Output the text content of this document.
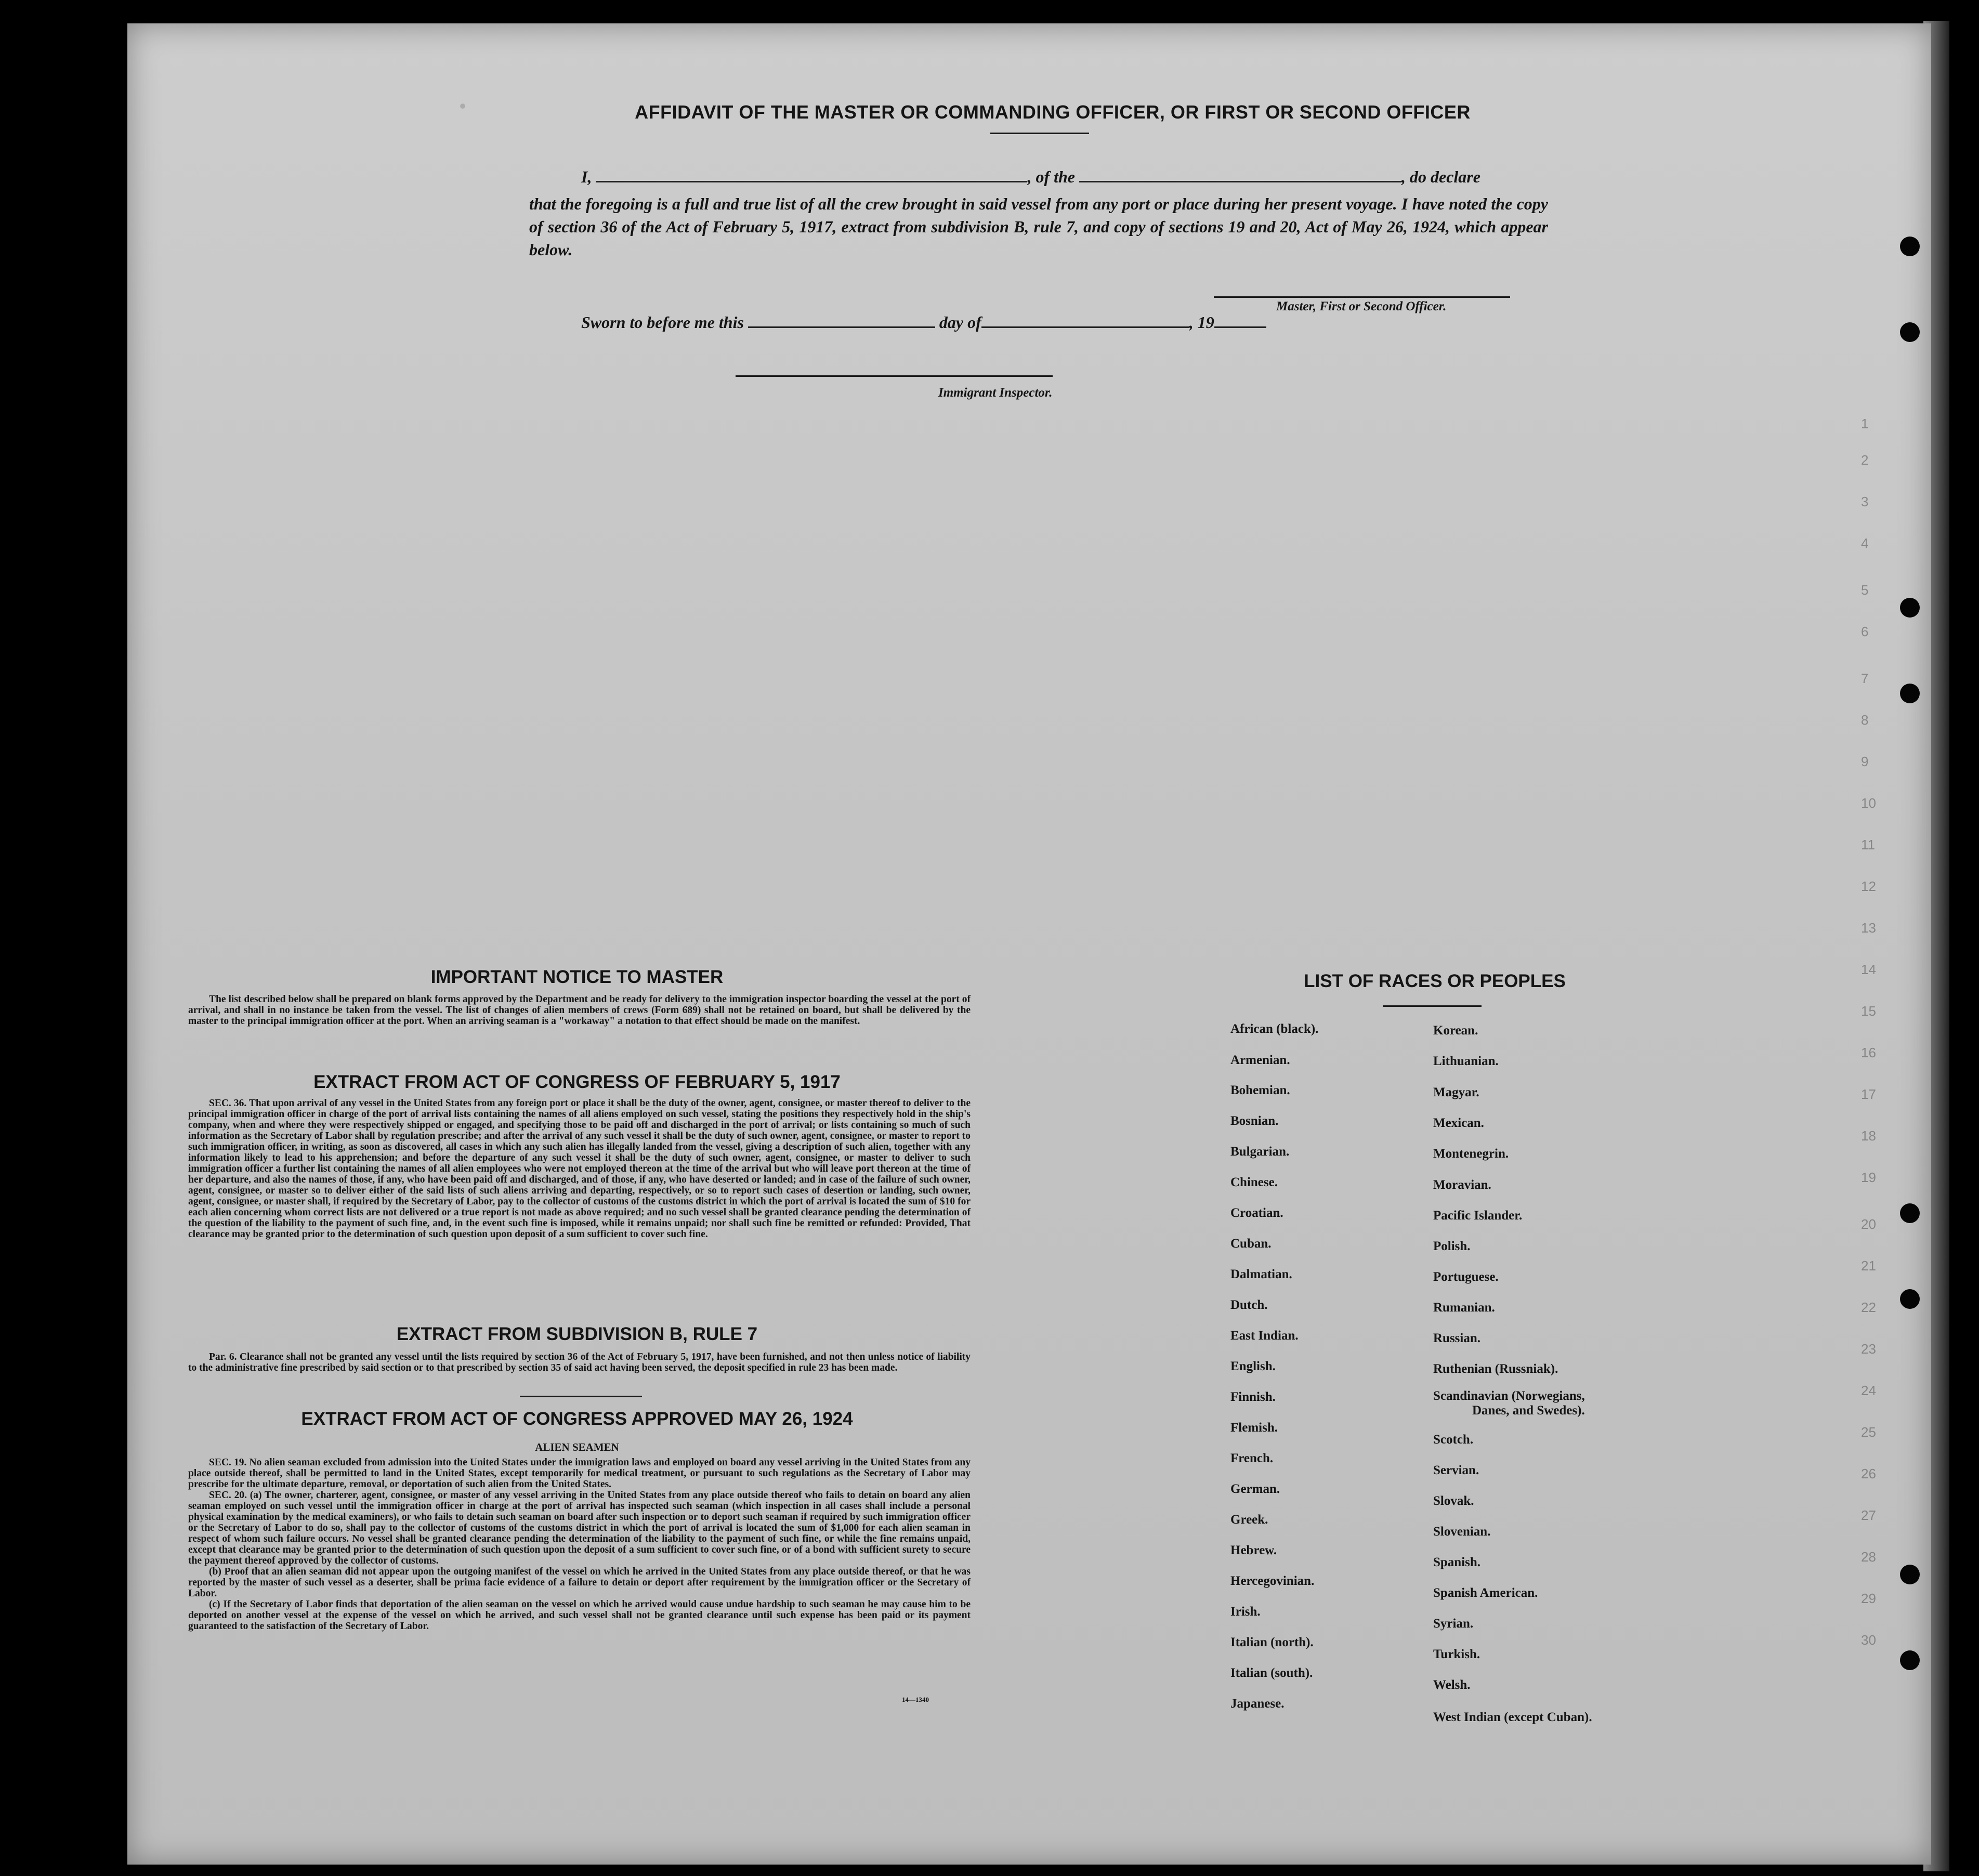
·
1
2
3
4
5
6
7
8
9
10
11
12
13
14
15
16
17
18
19
20
21
22
23
24
25
26
27
28
29
30
AFFIDAVIT OF THE MASTER OR COMMANDING OFFICER, OR FIRST OR SECOND OFFICER
I,	, of the	, do declare
that the foregoing is a full and true list of all the crew brought in said vessel from any port or place during her present voyage. I have noted the copy of section 36 of the Act of February 5, 1917, extract from subdivision B, rule 7, and copy of sections 19 and 20, Act of May 26, 1924, which appear below.
Master, First or Second Officer.
Sworn to before me this	day of	, 19
Immigrant Inspector.
IMPORTANT NOTICE TO MASTER

The list described below shall be prepared on blank forms approved by the Department and be ready for delivery to the immigration inspector boarding the vessel at the port of arrival, and shall in no instance be taken from the vessel. The list of changes of alien members of crews (Form 689) shall not be retained on board, but shall be delivered by the master to the principal immigration officer at the port. When an arriving seaman is a "workaway" a notation to that effect should be made on the manifest.

EXTRACT FROM ACT OF CONGRESS OF FEBRUARY 5, 1917

SEC. 36. That upon arrival of any vessel in the United States from any foreign port or place it shall be the duty of the owner, agent, consignee, or master thereof to deliver to the principal immigration officer in charge of the port of arrival lists containing the names of all aliens employed on such vessel, stating the positions they respectively hold in the ship's company, when and where they were respectively shipped or engaged, and specifying those to be paid off and discharged in the port of arrival; or lists containing so much of such information as the Secretary of Labor shall by regulation prescribe; and after the arrival of any such vessel it shall be the duty of such owner, agent, consignee, or master to report to such immigration officer, in writing, as soon as discovered, all cases in which any such alien has illegally landed from the vessel, giving a description of such alien, together with any information likely to lead to his apprehension; and before the departure of any such vessel it shall be the duty of such owner, agent, consignee, or master to deliver to such immigration officer a further list containing the names of all alien employees who were not employed thereon at the time of the arrival but who will leave port thereon at the time of her departure, and also the names of those, if any, who have been paid off and discharged, and of those, if any, who have deserted or landed; and in case of the failure of such owner, agent, consignee, or master so to deliver either of the said lists of such aliens arriving and departing, respectively, or so to report such cases of desertion or landing, such owner, agent, consignee, or master shall, if required by the Secretary of Labor, pay to the collector of customs of the customs district in which the port of arrival is located the sum of $10 for each alien concerning whom correct lists are not delivered or a true report is not made as above required; and no such vessel shall be granted clearance pending the determination of the question of the liability to the payment of such fine, and, in the event such fine is imposed, while it remains unpaid; nor shall such fine be remitted or refunded: Provided, That clearance may be granted prior to the determination of such question upon deposit of a sum sufficient to cover such fine.

EXTRACT FROM SUBDIVISION B, RULE 7

Par. 6. Clearance shall not be granted any vessel until the lists required by section 36 of the Act of February 5, 1917, have been furnished, and not then unless notice of liability to the administrative fine prescribed by said section or to that prescribed by section 35 of said act having been served, the deposit specified in rule 23 has been made.

EXTRACT FROM ACT OF CONGRESS APPROVED MAY 26, 1924
ALIEN SEAMEN

SEC. 19. No alien seaman excluded from admission into the United States under the immigration laws and employed on board any vessel arriving in the United States from any place outside thereof, shall be permitted to land in the United States, except temporarily for medical treatment, or pursuant to such regulations as the Secretary of Labor may prescribe for the ultimate departure, removal, or deportation of such alien from the United States.

SEC. 20. (a) The owner, charterer, agent, consignee, or master of any vessel arriving in the United States from any place outside thereof who fails to detain on board any alien seaman employed on such vessel until the immigration officer in charge at the port of arrival has inspected such seaman (which inspection in all cases shall include a personal physical examination by the medical examiners), or who fails to detain such seaman on board after such inspection or to deport such seaman if required by such immigration officer or the Secretary of Labor to do so, shall pay to the collector of customs of the customs district in which the port of arrival is located the sum of $1,000 for each alien seaman in respect of whom such failure occurs. No vessel shall be granted clearance pending the determination of the liability to the payment of such fine, or while the fine remains unpaid, except that clearance may be granted prior to the determination of such question upon the deposit of a sum sufficient to cover such fine, or of a bond with sufficient surety to secure the payment thereof approved by the collector of customs.

(b) Proof that an alien seaman did not appear upon the outgoing manifest of the vessel on which he arrived in the United States from any place outside thereof, or that he was reported by the master of such vessel as a deserter, shall be prima facie evidence of a failure to detain or deport after requirement by the immigration officer or the Secretary of Labor.

(c) If the Secretary of Labor finds that deportation of the alien seaman on the vessel on which he arrived would cause undue hardship to such seaman he may cause him to be deported on another vessel at the expense of the vessel on which he arrived, and such vessel shall not be granted clearance until such expense has been paid or its payment guaranteed to the satisfaction of the Secretary of Labor.

14—1340
LIST OF RACES OR PEOPLES
African (black).
Armenian.
Bohemian.
Bosnian.
Bulgarian.
Chinese.
Croatian.
Cuban.
Dalmatian.
Dutch.
East Indian.
English.
Finnish.
Flemish.
French.
German.
Greek.
Hebrew.
Hercegovinian.
Irish.
Italian (north).
Italian (south).
Japanese.
Korean.
Lithuanian.
Magyar.
Mexican.
Montenegrin.
Moravian.
Pacific Islander.
Polish.
Portuguese.
Rumanian.
Russian.
Ruthenian (Russniak).
Scandinavian (Norwegians,
Scotch.
Servian.
Slovak.
Slovenian.
Spanish.
Spanish American.
Syrian.
Turkish.
Welsh.
West Indian (except Cuban).
Danes, and Swedes).
